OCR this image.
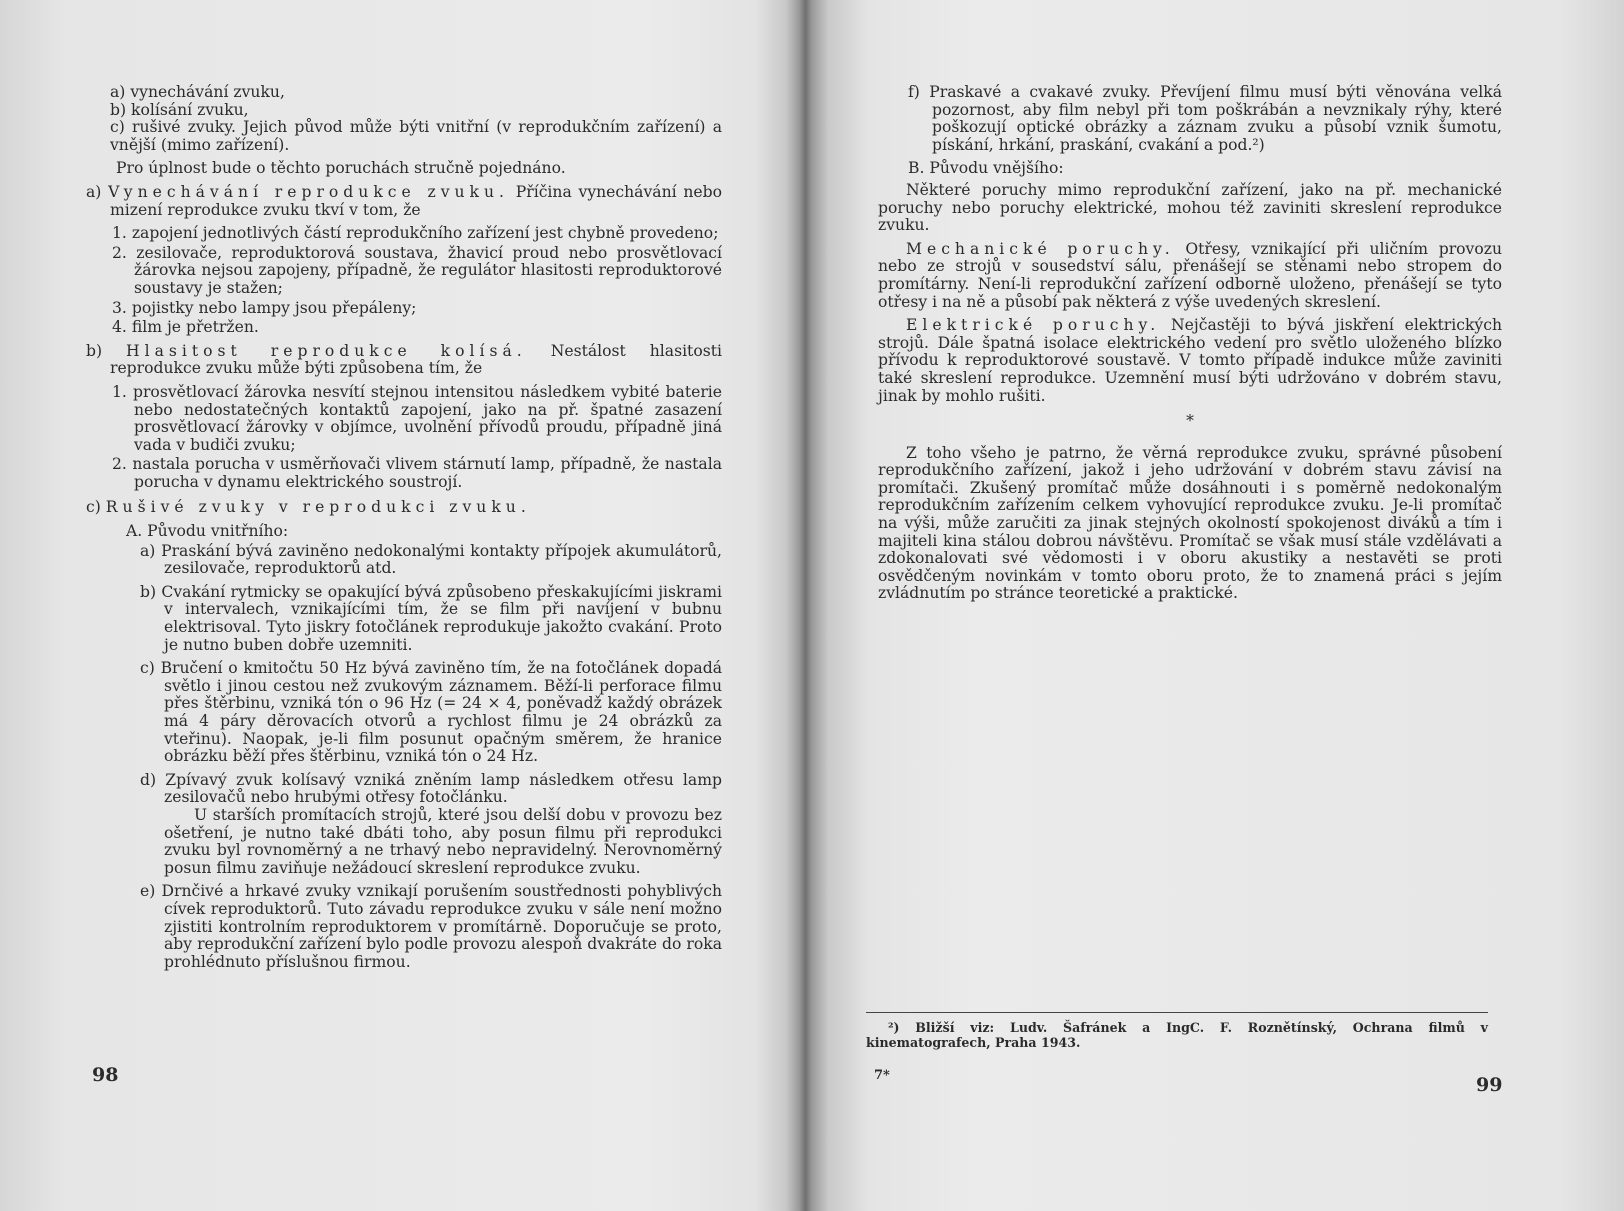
a) vynechávání zvuku,

b) kolísání zvuku,

c) rušivé zvuky. Jejich původ může býti vnitřní (v reprodukčním zařízení) a vnější (mimo zařízení).

Pro úplnost bude o těchto poruchách stručně pojednáno.

a) Vynechávání reprodukce zvuku. Příčina vynechávání nebo mizení reprodukce zvuku tkví v tom, že

1. zapojení jednotlivých částí reprodukčního zařízení jest chybně provedeno;

2. zesilovače, reproduktorová soustava, žhavicí proud nebo prosvětlovací žárovka nejsou zapojeny, případně, že regulátor hlasitosti reproduktorové soustavy je stažen;

3. pojistky nebo lampy jsou přepáleny;

4. film je přetržen.

b) Hlasitost reprodukce kolísá. Nestálost hlasitosti reprodukce zvuku může býti způsobena tím, že

1. prosvětlovací žárovka nesvítí stejnou intensitou následkem vybité baterie nebo nedostatečných kontaktů zapojení, jako na př. špatné zasazení prosvětlovací žárovky v objímce, uvolnění přívodů proudu, případně jiná vada v budiči zvuku;

2. nastala porucha v usměrňovači vlivem stárnutí lamp, případně, že nastala porucha v dynamu elektrického soustrojí.

c) Rušivé zvuky v reprodukci zvuku.

A. Původu vnitřního:

a) Praskání bývá zaviněno nedokonalými kontakty přípojek akumulátorů, zesilovače, reproduktorů atd.

b) Cvakání rytmicky se opakující bývá způsobeno přeskakujícími jiskrami v intervalech, vznikajícími tím, že se film při navíjení v bubnu elektrisoval. Tyto jiskry fotočlánek reprodukuje jakožto cvakání. Proto je nutno buben dobře uzemniti.

c) Bručení o kmitočtu 50 Hz bývá zaviněno tím, že na fotočlánek dopadá světlo i jinou cestou než zvukovým záznamem. Běží-li perforace filmu přes štěrbinu, vzniká tón o 96 Hz (= 24 × 4, poněvadž každý obrázek má 4 páry děrovacích otvorů a rychlost filmu je 24 obrázků za vteřinu). Naopak, je-li film posunut opačným směrem, že hranice obrázku běží přes štěrbinu, vzniká tón o 24 Hz.

d) Zpívavý zvuk kolísavý vzniká zněním lamp následkem otřesu lamp zesilovačů nebo hrubými otřesy fotočlánku.

U starších promítacích strojů, které jsou delší dobu v provozu bez ošetření, je nutno také dbáti toho, aby posun filmu při reprodukci zvuku byl rovnoměrný a ne trhavý nebo nepravidelný. Nerovnoměrný posun filmu zaviňuje nežádoucí skreslení reprodukce zvuku.

e) Drnčivé a hrkavé zvuky vznikají porušením soustřednosti pohyblivých cívek reproduktorů. Tuto závadu reprodukce zvuku v sále není možno zjistiti kontrolním reproduktorem v promítárně. Doporučuje se proto, aby reprodukční zařízení bylo podle provozu alespoň dvakráte do roka prohlédnuto příslušnou firmou.

98

f) Praskavé a cvakavé zvuky. Převíjení filmu musí býti věnována velká pozornost, aby film nebyl při tom poškrábán a nevznikaly rýhy, které poškozují optické obrázky a záznam zvuku a působí vznik šumotu, pískání, hrkání, praskání, cvakání a pod.²)

B. Původu vnějšího:

Některé poruchy mimo reprodukční zařízení, jako na př. mechanické poruchy nebo poruchy elektrické, mohou též zaviniti skreslení reprodukce zvuku.

Mechanické poruchy. Otřesy, vznikající při uličním provozu nebo ze strojů v sousedství sálu, přenášejí se stěnami nebo stropem do promítárny. Není-li reprodukční zařízení odborně uloženo, přenášejí se tyto otřesy i na ně a působí pak některá z výše uvedených skreslení.

Elektrické poruchy. Nejčastěji to bývá jiskření elektrických strojů. Dále špatná isolace elektrického vedení pro světlo uloženého blízko přívodu k reproduktorové soustavě. V tomto případě indukce může zaviniti také skreslení reprodukce. Uzemnění musí býti udržováno v dobrém stavu, jinak by mohlo rušiti.

*

Z toho všeho je patrno, že věrná reprodukce zvuku, správné působení reprodukčního zařízení, jakož i jeho udržování v dobrém stavu závisí na promítači. Zkušený promítač může dosáhnouti i s poměrně nedokonalým reprodukčním zařízením celkem vyhovující reprodukce zvuku. Je-li promítač na výši, může zaručiti za jinak stejných okolností spokojenost diváků a tím i majiteli kina stálou dobrou návštěvu. Promítač se však musí stále vzdělávati a zdokonalovati své vědomosti i v oboru akustiky a nestavěti se proti osvědčeným novinkám v tomto oboru proto, že to znamená práci s jejím zvládnutím po stránce teoretické a praktické.

²) Bližší viz: Ludv. Šafránek a IngC. F. Roznětínský, Ochrana filmů v kinematografech, Praha 1943.
7*	99
